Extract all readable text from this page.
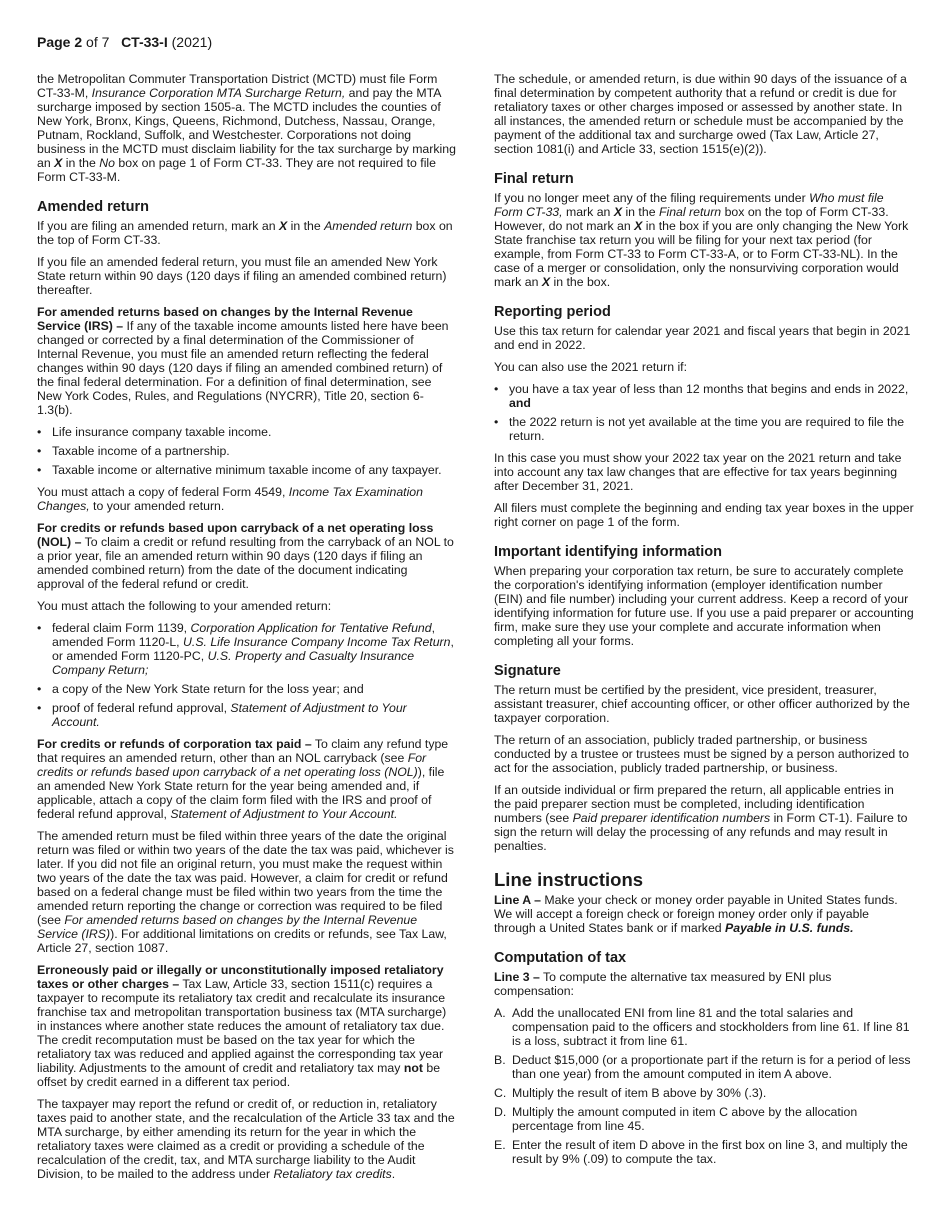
Page 2 of 7 CT-33-I (2021)

the Metropolitan Commuter Transportation District (MCTD) must file Form CT-33-M, Insurance Corporation MTA Surcharge Return, and pay the MTA surcharge imposed by section 1505-a. The MCTD includes the counties of New York, Bronx, Kings, Queens, Richmond, Dutchess, Nassau, Orange, Putnam, Rockland, Suffolk, and Westchester. Corporations not doing business in the MCTD must disclaim liability for the tax surcharge by marking an X in the No box on page 1 of Form CT-33. They are not required to file Form CT-33-M.

Amended return

If you are filing an amended return, mark an X in the Amended return box on the top of Form CT-33.

If you file an amended federal return, you must file an amended New York State return within 90 days (120 days if filing an amended combined return) thereafter.

For amended returns based on changes by the Internal Revenue Service (IRS) – If any of the taxable income amounts listed here have been changed or corrected by a final determination of the Commissioner of Internal Revenue, you must file an amended return reflecting the federal changes within 90 days (120 days if filing an amended combined return) of the final federal determination. For a definition of final determination, see New York Codes, Rules, and Regulations (NYCRR), Title 20, section 6-1.3(b).

• Life insurance company taxable income.
• Taxable income of a partnership.
• Taxable income or alternative minimum taxable income of any taxpayer.

You must attach a copy of federal Form 4549, Income Tax Examination Changes, to your amended return.

For credits or refunds based upon carryback of a net operating loss (NOL) – To claim a credit or refund resulting from the carryback of an NOL to a prior year, file an amended return within 90 days (120 days if filing an amended combined return) from the date of the document indicating approval of the federal refund or credit.

You must attach the following to your amended return:

• federal claim Form 1139, Corporation Application for Tentative Refund, amended Form 1120-L, U.S. Life Insurance Company Income Tax Return, or amended Form 1120-PC, U.S. Property and Casualty Insurance Company Return;
• a copy of the New York State return for the loss year; and
• proof of federal refund approval, Statement of Adjustment to Your Account.

For credits or refunds of corporation tax paid – To claim any refund type that requires an amended return, other than an NOL carryback (see For credits or refunds based upon carryback of a net operating loss (NOL)), file an amended New York State return for the year being amended and, if applicable, attach a copy of the claim form filed with the IRS and proof of federal refund approval, Statement of Adjustment to Your Account.

The amended return must be filed within three years of the date the original return was filed or within two years of the date the tax was paid, whichever is later. If you did not file an original return, you must make the request within two years of the date the tax was paid. However, a claim for credit or refund based on a federal change must be filed within two years from the time the amended return reporting the change or correction was required to be filed (see For amended returns based on changes by the Internal Revenue Service (IRS)). For additional limitations on credits or refunds, see Tax Law, Article 27, section 1087.

Erroneously paid or illegally or unconstitutionally imposed retaliatory taxes or other charges – Tax Law, Article 33, section 1511(c) requires a taxpayer to recompute its retaliatory tax credit and recalculate its insurance franchise tax and metropolitan transportation business tax (MTA surcharge) in instances where another state reduces the amount of retaliatory tax due. The credit recomputation must be based on the tax year for which the retaliatory tax was reduced and applied against the corresponding tax year liability. Adjustments to the amount of credit and retaliatory tax may not be offset by credit earned in a different tax period.

The taxpayer may report the refund or credit of, or reduction in, retaliatory taxes paid to another state, and the recalculation of the Article 33 tax and the MTA surcharge, by either amending its return for the year in which the retaliatory taxes were claimed as a credit or providing a schedule of the recalculation of the credit, tax, and MTA surcharge liability to the Audit Division, to be mailed to the address under Retaliatory tax credits.

The schedule, or amended return, is due within 90 days of the issuance of a final determination by competent authority that a refund or credit is due for retaliatory taxes or other charges imposed or assessed by another state. In all instances, the amended return or schedule must be accompanied by the payment of the additional tax and surcharge owed (Tax Law, Article 27, section 1081(i) and Article 33, section 1515(e)(2)).

Final return

If you no longer meet any of the filing requirements under Who must file Form CT-33, mark an X in the Final return box on the top of Form CT-33. However, do not mark an X in the box if you are only changing the New York State franchise tax return you will be filing for your next tax period (for example, from Form CT-33 to Form CT-33-A, or to Form CT-33-NL). In the case of a merger or consolidation, only the nonsurviving corporation would mark an X in the box.

Reporting period

Use this tax return for calendar year 2021 and fiscal years that begin in 2021 and end in 2022.

You can also use the 2021 return if:

• you have a tax year of less than 12 months that begins and ends in 2022, and
• the 2022 return is not yet available at the time you are required to file the return.

In this case you must show your 2022 tax year on the 2021 return and take into account any tax law changes that are effective for tax years beginning after December 31, 2021.

All filers must complete the beginning and ending tax year boxes in the upper right corner on page 1 of the form.

Important identifying information

When preparing your corporation tax return, be sure to accurately complete the corporation's identifying information (employer identification number (EIN) and file number) including your current address. Keep a record of your identifying information for future use. If you use a paid preparer or accounting firm, make sure they use your complete and accurate information when completing all your forms.

Signature

The return must be certified by the president, vice president, treasurer, assistant treasurer, chief accounting officer, or other officer authorized by the taxpayer corporation.

The return of an association, publicly traded partnership, or business conducted by a trustee or trustees must be signed by a person authorized to act for the association, publicly traded partnership, or business.

If an outside individual or firm prepared the return, all applicable entries in the paid preparer section must be completed, including identification numbers (see Paid preparer identification numbers in Form CT-1). Failure to sign the return will delay the processing of any refunds and may result in penalties.

Line instructions

Line A – Make your check or money order payable in United States funds. We will accept a foreign check or foreign money order only if payable through a United States bank or if marked Payable in U.S. funds.

Computation of tax

Line 3 – To compute the alternative tax measured by ENI plus compensation:

A. Add the unallocated ENI from line 81 and the total salaries and compensation paid to the officers and stockholders from line 61. If line 81 is a loss, subtract it from line 61.
B. Deduct $15,000 (or a proportionate part if the return is for a period of less than one year) from the amount computed in item A above.
C. Multiply the result of item B above by 30% (.3).
D. Multiply the amount computed in item C above by the allocation percentage from line 45.
E. Enter the result of item D above in the first box on line 3, and multiply the result by 9% (.09) to compute the tax.
